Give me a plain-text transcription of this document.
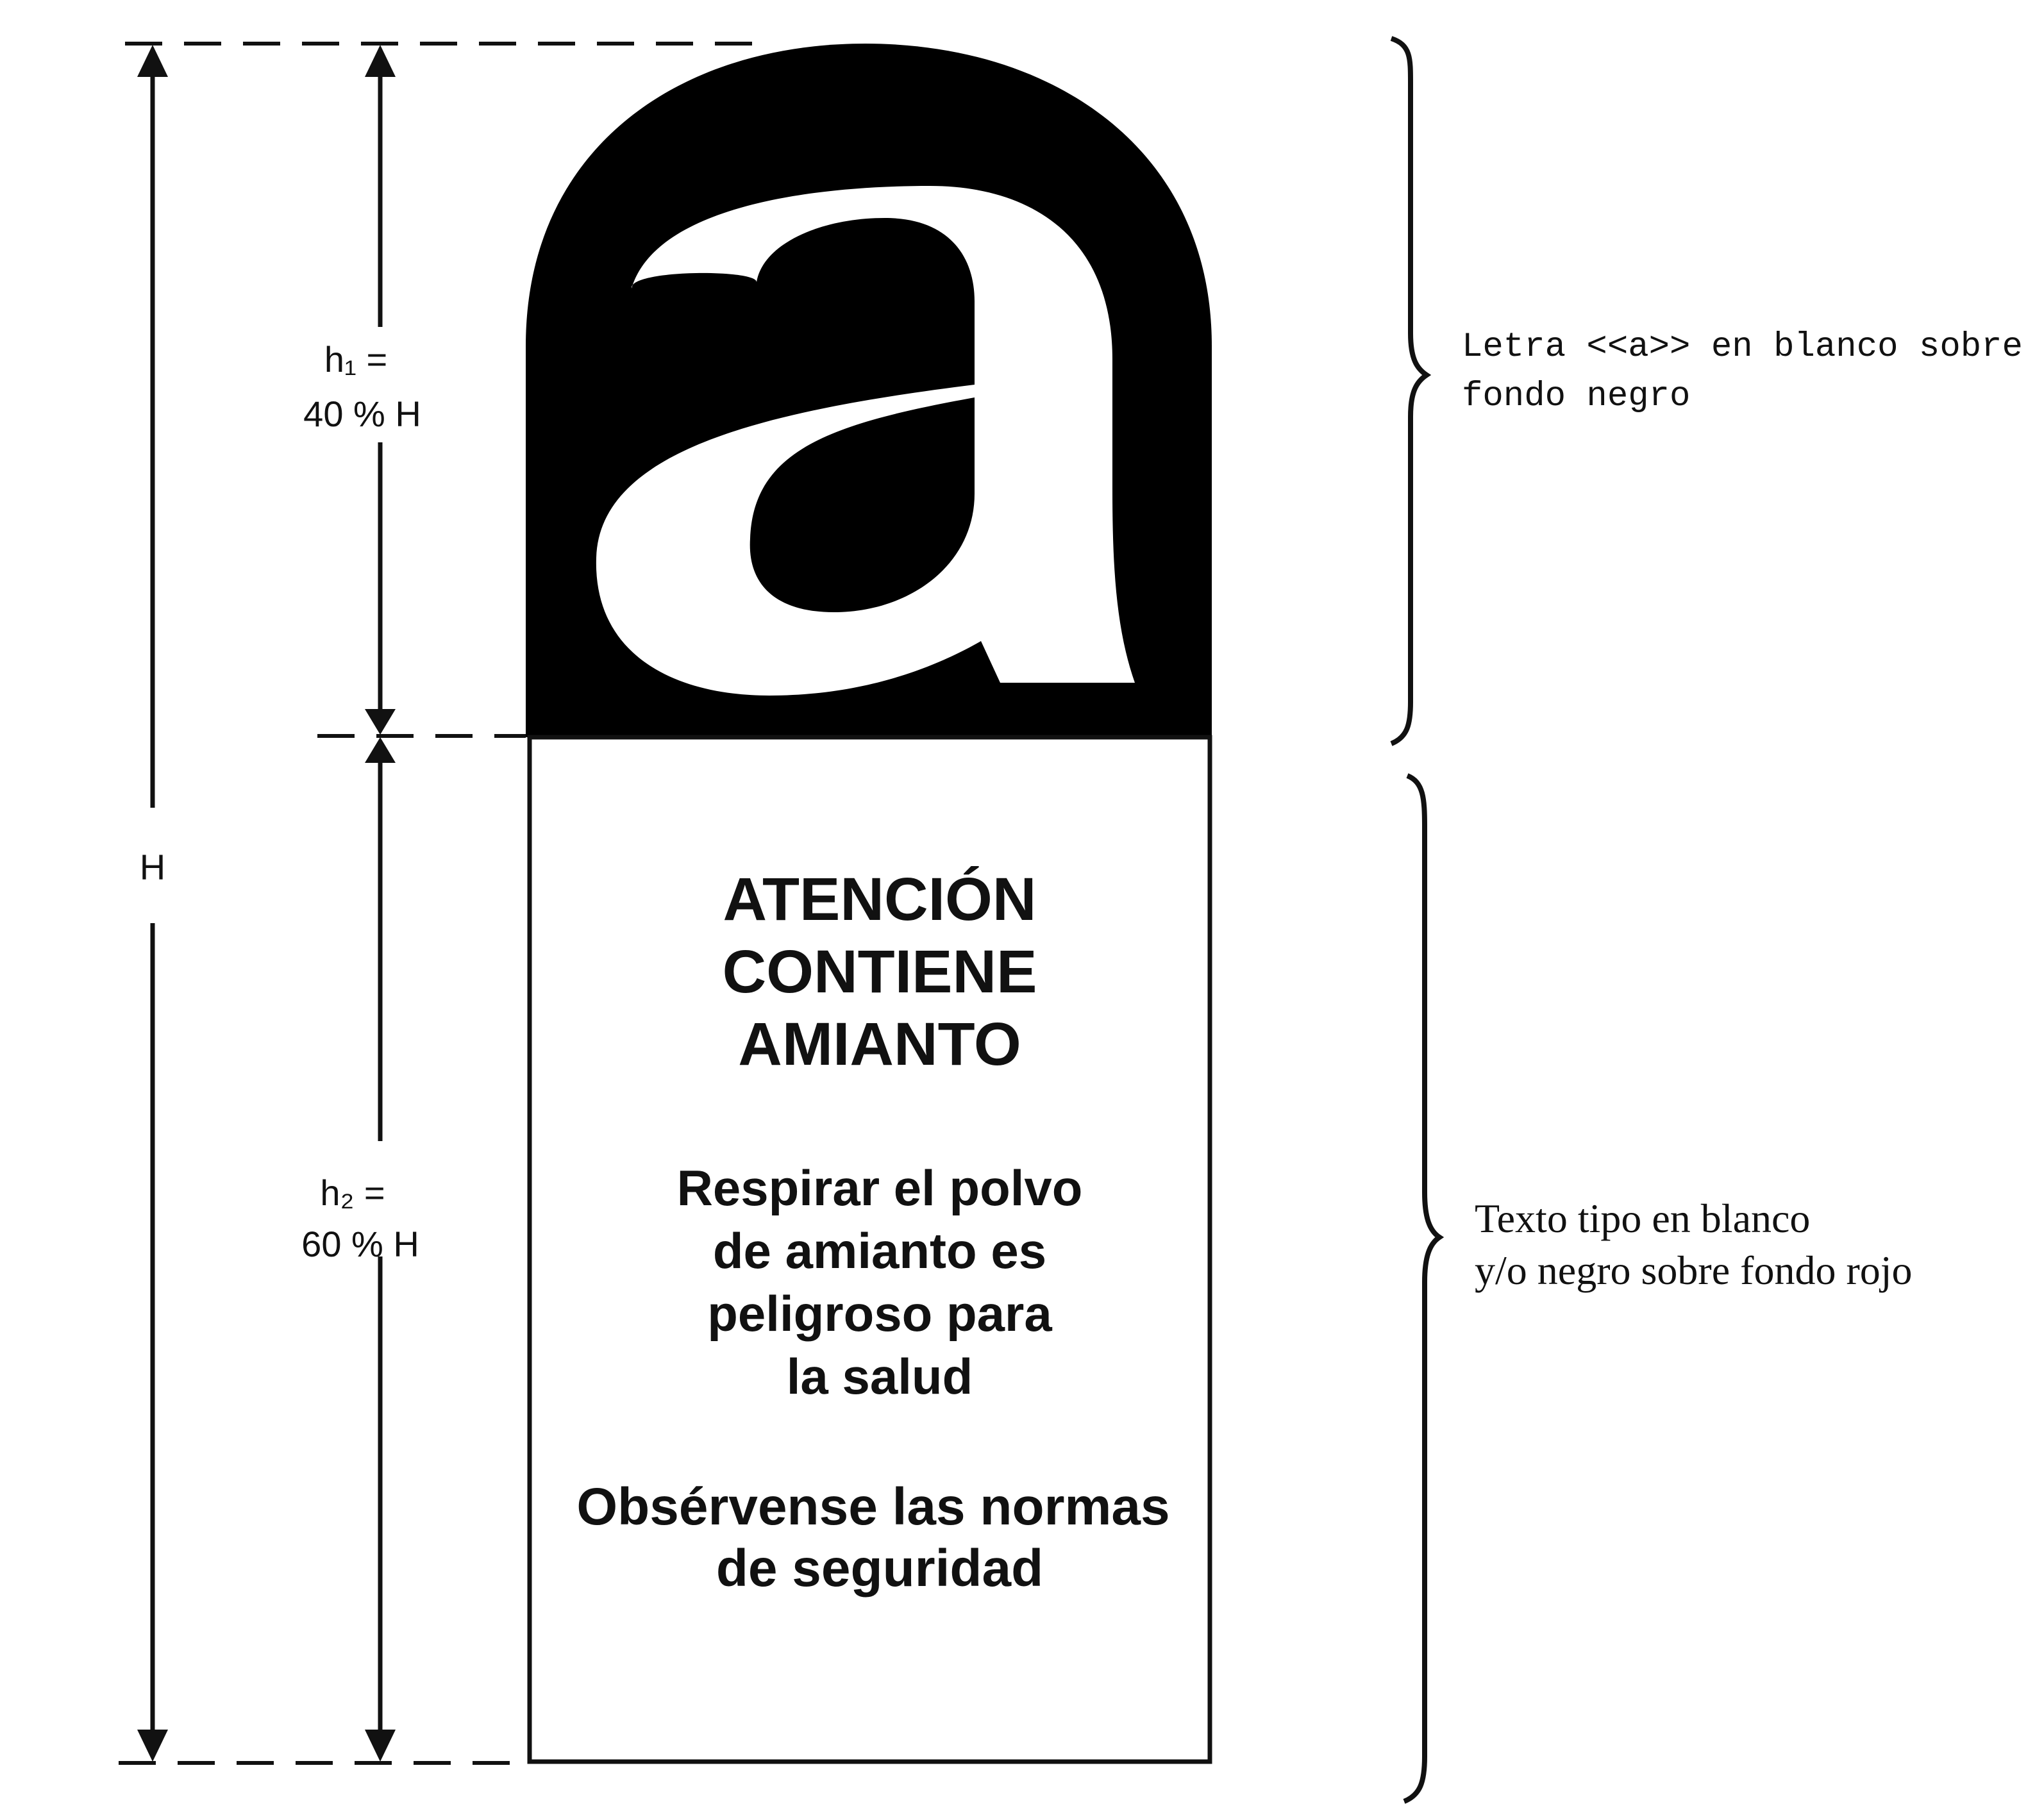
H
h₁ =
40 % H
h₂ =
60 % H
ATENCIÓN
CONTIENE
AMIANTO
Respirar el polvo
de amianto es
peligroso para
la salud
Obsérvense las normas
de seguridad
Letra <<a>> en blanco sobre
fondo negro
Texto tipo en blanco
y/o negro sobre fondo rojo
